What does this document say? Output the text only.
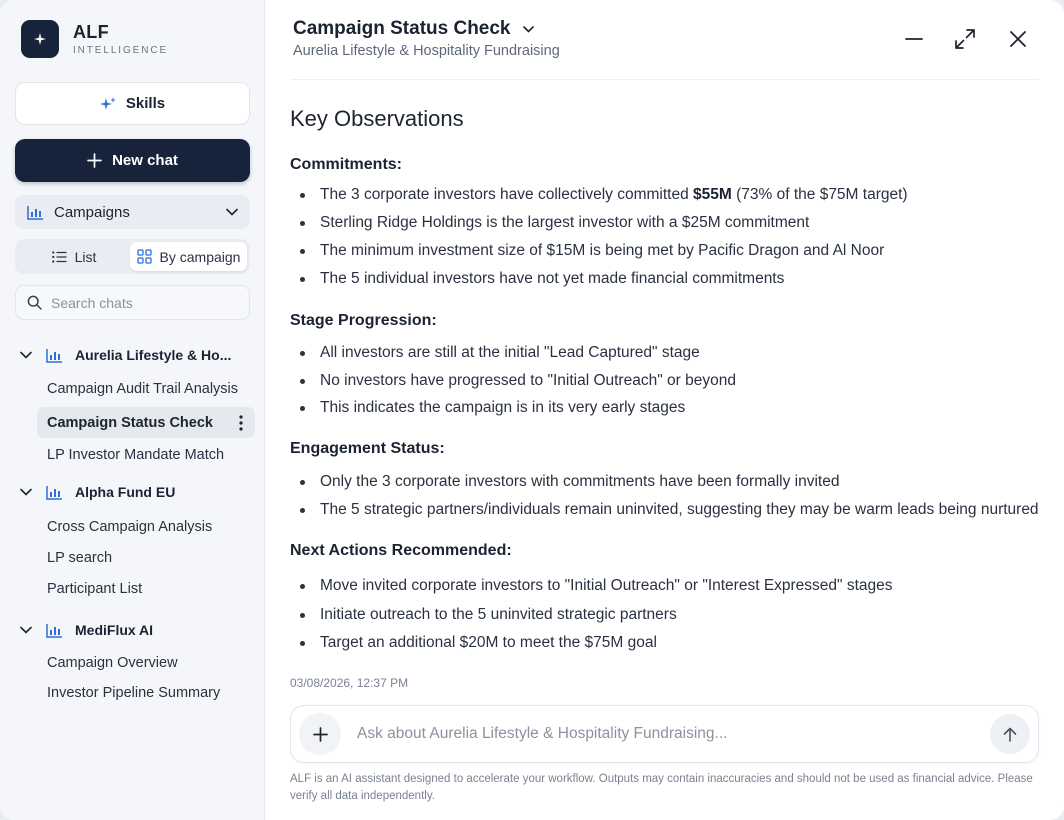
ALF
INTELLIGENCE
Skills
New chat
Campaigns
List	By campaign
Search chats
Aurelia Lifestyle & Ho...
Campaign Audit Trail Analysis
Campaign Status Check
LP Investor Mandate Match
Alpha Fund EU
Cross Campaign Analysis
LP search
Participant List
MediFlux AI
Campaign Overview
Investor Pipeline Summary
Campaign Status Check
Aurelia Lifestyle & Hospitality Fundraising
Key Observations
Commitments:
The 3 corporate investors have collectively committed $55M (73% of the $75M target)
Sterling Ridge Holdings is the largest investor with a $25M commitment
The minimum investment size of $15M is being met by Pacific Dragon and Al Noor
The 5 individual investors have not yet made financial commitments
Stage Progression:
All investors are still at the initial "Lead Captured" stage
No investors have progressed to "Initial Outreach" or beyond
This indicates the campaign is in its very early stages
Engagement Status:
Only the 3 corporate investors with commitments have been formally invited
The 5 strategic partners/individuals remain uninvited, suggesting they may be warm leads being nurtured
Next Actions Recommended:
Move invited corporate investors to "Initial Outreach" or "Interest Expressed" stages
Initiate outreach to the 5 uninvited strategic partners
Target an additional $20M to meet the $75M goal
03/08/2026, 12:37 PM
Ask about Aurelia Lifestyle & Hospitality Fundraising...
ALF is an AI assistant designed to accelerate your workflow. Outputs may contain inaccuracies and should not be used as financial advice. Please verify all data independently.
